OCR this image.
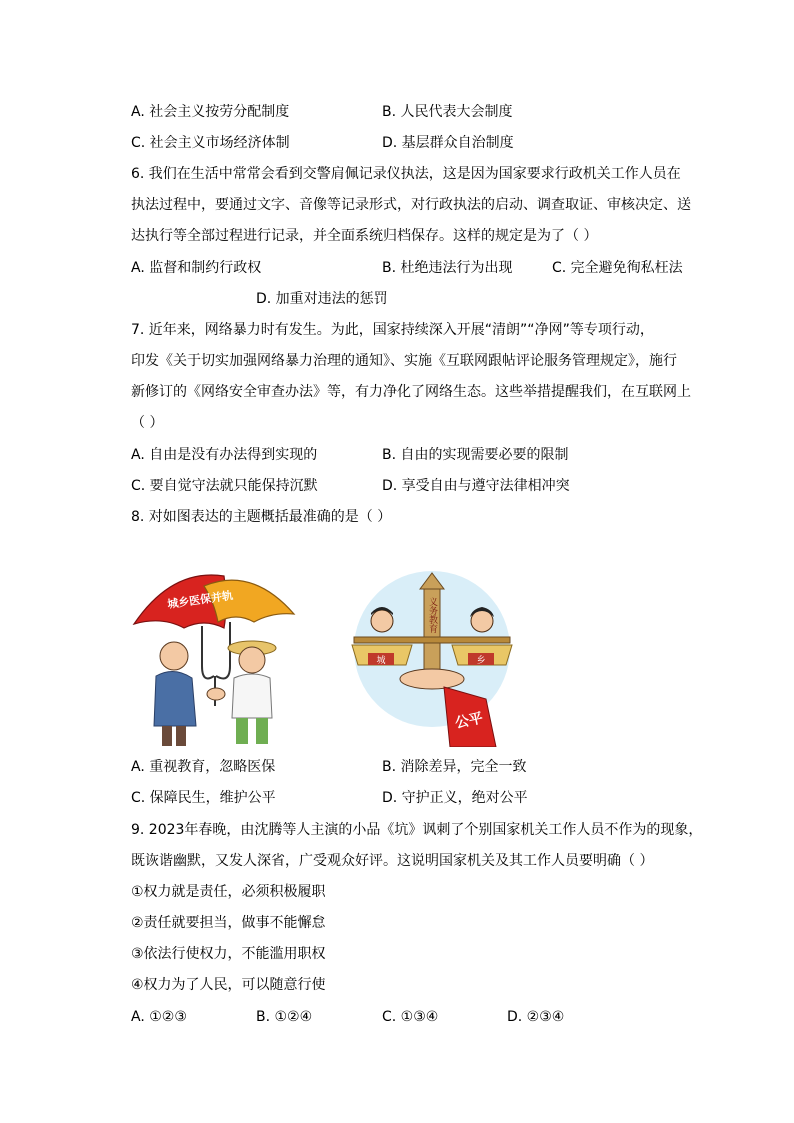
A. 社会主义按劳分配制度	B. 人民代表大会制度
C. 社会主义市场经济体制	D. 基层群众自治制度
6. 我们在生活中常常会看到交警肩佩记录仪执法，这是因为国家要求行政机关工作人员在
执法过程中，要通过文字、音像等记录形式，对行政执法的启动、调查取证、审核决定、送
达执行等全部过程进行记录，并全面系统归档保存。这样的规定是为了（ ）
A. 监督和制约行政权	B. 杜绝违法行为出现	C. 完全避免徇私枉法
D. 加重对违法的惩罚
7. 近年来，网络暴力时有发生。为此，国家持续深入开展“清朗”“净网”等专项行动，
印发《关于切实加强网络暴力治理的通知》、实施《互联网跟帖评论服务管理规定》，施行
新修订的《网络安全审查办法》等，有力净化了网络生态。这些举措提醒我们，在互联网上
（ ）
A. 自由是没有办法得到实现的	B. 自由的实现需要必要的限制
C. 要自觉守法就只能保持沉默	D. 享受自由与遵守法律相冲突
8. 对如图表达的主题概括最准确的是（ ）
城乡医保并轨	义务教育
城	乡
公平
A. 重视教育，忽略医保	B. 消除差异，完全一致
C. 保障民生，维护公平	D. 守护正义，绝对公平
9. 2023年春晚，由沈腾等人主演的小品《坑》讽刺了个别国家机关工作人员不作为的现象，
既诙谐幽默，又发人深省，广受观众好评。这说明国家机关及其工作人员要明确（ ）
①权力就是责任，必须积极履职
②责任就要担当，做事不能懈怠
③依法行使权力，不能滥用职权
④权力为了人民，可以随意行使
A. ①②③	B. ①②④	C. ①③④	D. ②③④
